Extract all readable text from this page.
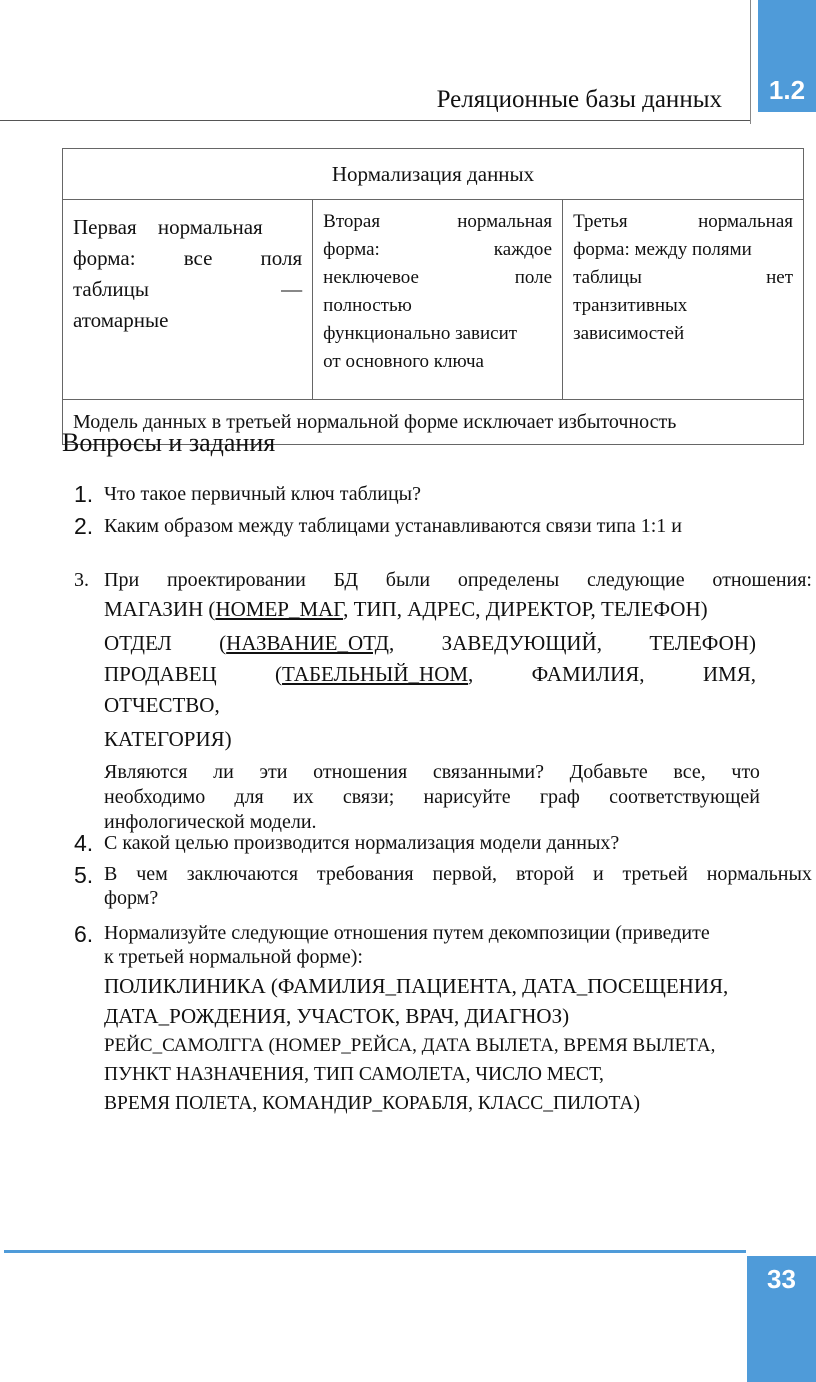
Реляционные базы данных	1.2
Нормализация данных

Первая нормальная
форма: все поля
таблицы	—
атомарные

Вторая	нормальная
форма:	каждое
неключевое	поле
полностью
функционально зависит
от основного ключа

Третья	нормальная
форма: между полями
таблицы	нет
транзитивных
зависимостей

Модель данных в третьей нормальной форме исключает избыточность
Вопросы и задания
1. Что такое первичный ключ таблицы?
2. Каким образом между таблицами устанавливаются связи типа 1:1 и
3. При проектировании БД были определены следующие отношения:
МАГАЗИН (НОМЕР_МАГ, ТИП, АДРЕС, ДИРЕКТОР, ТЕЛЕФОН)
ОТДЕЛ (НАЗВАНИЕ_ОТД, ЗАВЕДУЮЩИЙ, ТЕЛЕФОН)
ПРОДАВЕЦ	(ТАБЕЛЬНЫЙ_НОМ,	ФАМИЛИЯ,	ИМЯ,
ОТЧЕСТВО,
КАТЕГОРИЯ)
Являются ли эти отношения связанными? Добавьте все, что
необходимо для их связи; нарисуйте граф соответствующей
инфологической модели.
4. С какой целью производится нормализация модели данных?
5. В чем заключаются требования первой, второй и третьей нормальных
форм?
6. Нормализуйте следующие отношения путем декомпозиции (приведите
к третьей нормальной форме):
ПОЛИКЛИНИКА (ФАМИЛИЯ_ПАЦИЕНТА, ДАТА_ПОСЕЩЕНИЯ,
ДАТА_РОЖДЕНИЯ, УЧАСТОК, ВРАЧ, ДИАГНОЗ)
РЕЙС_САМОЛГГА (НОМЕР_РЕЙСА, ДАТА ВЫЛЕТА, ВРЕМЯ ВЫЛЕТА,
ПУНКТ НАЗНАЧЕНИЯ, ТИП САМОЛЕТА, ЧИСЛО МЕСТ,
ВРЕМЯ ПОЛЕТА, КОМАНДИР_КОРАБЛЯ, КЛАСС_ПИЛОТА)
33
